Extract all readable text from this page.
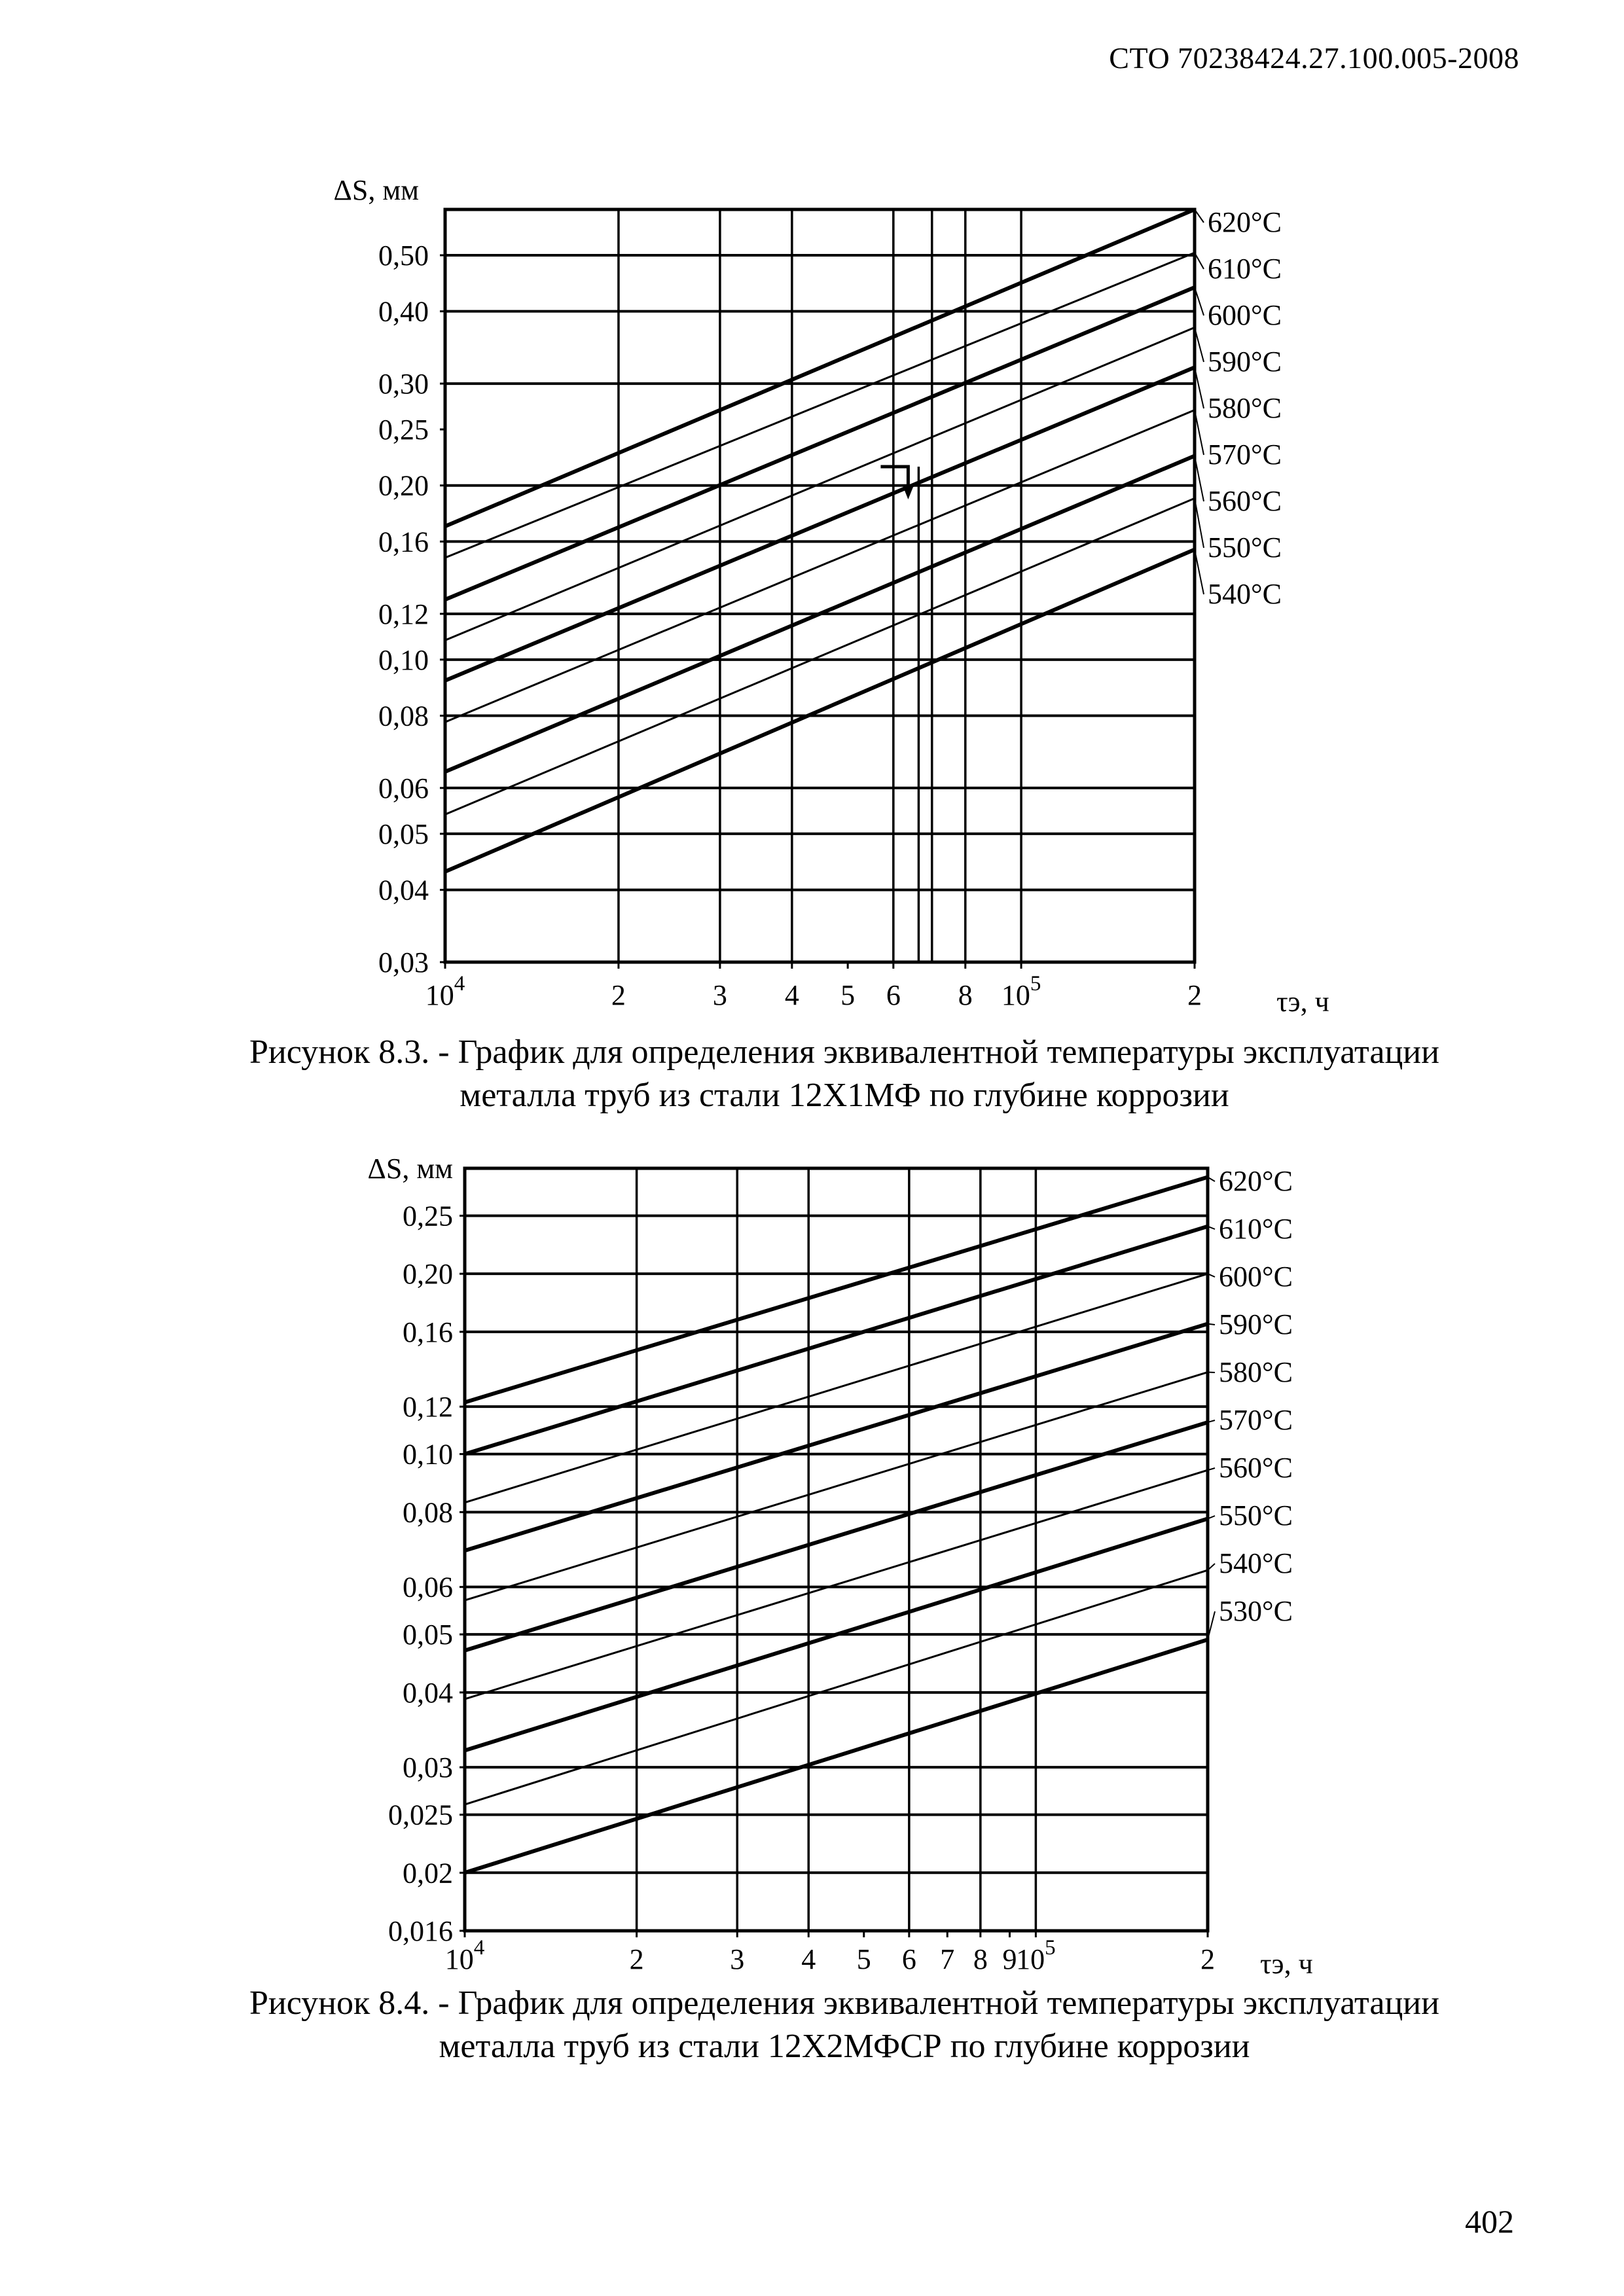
СТО 70238424.27.100.005-2008
0,50
0,40
0,30
0,25
0,20
0,16
0,12
0,10
0,08
0,06
0,05
0,04
0,03
$10^4$	2	3 4 5 6 8 $10^5$	2
ΔS, мм
τэ, ч
620°C
610°C
600°C
590°C
580°C
570°C
560°C
550°C
540°C
0,25
0,20
0,16
0,12
0,10
0,08
0,06
0,05
0,04
0,03
0,025
0,02
0,016
$10^4$	2	3 4 5 6 7 8 9
$10^5$	2
ΔS, мм
τэ, ч
620°C
610°C
600°C
590°C
580°C
570°C
560°C
550°C
540°C
530°C
Рисунок 8.3. - График для определения эквивалентной температуры эксплуатации
металла труб из стали 12Х1МФ по глубине коррозии
Рисунок 8.4. - График для определения эквивалентной температуры эксплуатации
металла труб из стали 12Х2МФСР по глубине коррозии
402
